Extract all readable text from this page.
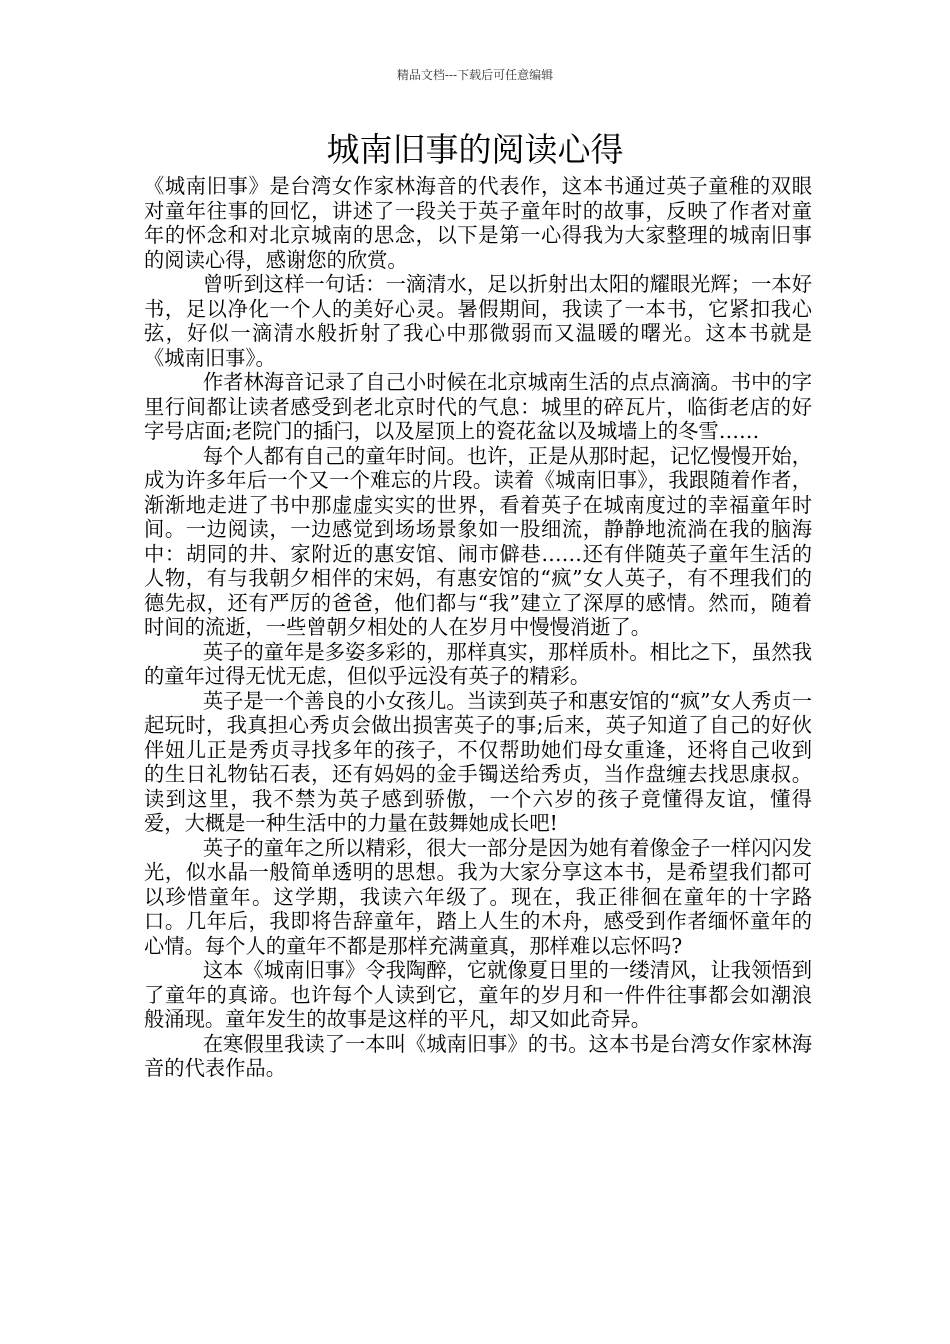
精品文档---下载后可任意编辑
城南旧事的阅读心得

《城南旧事》是台湾女作家林海音的代表作，这本书通过英子童稚的双眼对童年往事的回忆，讲述了一段关于英子童年时的故事，反映了作者对童年的怀念和对北京城南的思念，以下是第一心得我为大家整理的城南旧事的阅读心得，感谢您的欣赏。

曾听到这样一句话：一滴清水，足以折射出太阳的耀眼光辉；一本好书，足以净化一个人的美好心灵。暑假期间，我读了一本书，它紧扣我心弦，好似一滴清水般折射了我心中那微弱而又温暖的曙光。这本书就是《城南旧事》。

作者林海音记录了自己小时候在北京城南生活的点点滴滴。书中的字里行间都让读者感受到老北京时代的气息：城里的碎瓦片，临街老店的好字号店面;老院门的插闩，以及屋顶上的瓷花盆以及城墙上的冬雪……

每个人都有自己的童年时间。也许，正是从那时起，记忆慢慢开始，成为许多年后一个又一个难忘的片段。读着《城南旧事》，我跟随着作者，渐渐地走进了书中那虚虚实实的世界，看着英子在城南度过的幸福童年时间。一边阅读，一边感觉到场场景象如一股细流，静静地流淌在我的脑海中：胡同的井、家附近的惠安馆、闹市僻巷……还有伴随英子童年生活的人物，有与我朝夕相伴的宋妈，有惠安馆的“疯”女人英子，有不理我们的德先叔，还有严厉的爸爸，他们都与“我”建立了深厚的感情。然而，随着时间的流逝，一些曾朝夕相处的人在岁月中慢慢消逝了。

英子的童年是多姿多彩的，那样真实，那样质朴。相比之下，虽然我的童年过得无忧无虑，但似乎远没有英子的精彩。

英子是一个善良的小女孩儿。当读到英子和惠安馆的“疯”女人秀贞一起玩时，我真担心秀贞会做出损害英子的事;后来，英子知道了自己的好伙伴妞儿正是秀贞寻找多年的孩子，不仅帮助她们母女重逢，还将自己收到的生日礼物钻石表，还有妈妈的金手镯送给秀贞，当作盘缠去找思康叔。读到这里，我不禁为英子感到骄傲，一个六岁的孩子竟懂得友谊，懂得爱，大概是一种生活中的力量在鼓舞她成长吧!

英子的童年之所以精彩，很大一部分是因为她有着像金子一样闪闪发光，似水晶一般简单透明的思想。我为大家分享这本书，是希望我们都可以珍惜童年。这学期，我读六年级了。现在，我正徘徊在童年的十字路口。几年后，我即将告辞童年，踏上人生的木舟，感受到作者缅怀童年的心情。每个人的童年不都是那样充满童真，那样难以忘怀吗?

这本《城南旧事》令我陶醉，它就像夏日里的一缕清风，让我领悟到了童年的真谛。也许每个人读到它，童年的岁月和一件件往事都会如潮浪般涌现。童年发生的故事是这样的平凡，却又如此奇异。

在寒假里我读了一本叫《城南旧事》的书。这本书是台湾女作家林海音的代表作品。
